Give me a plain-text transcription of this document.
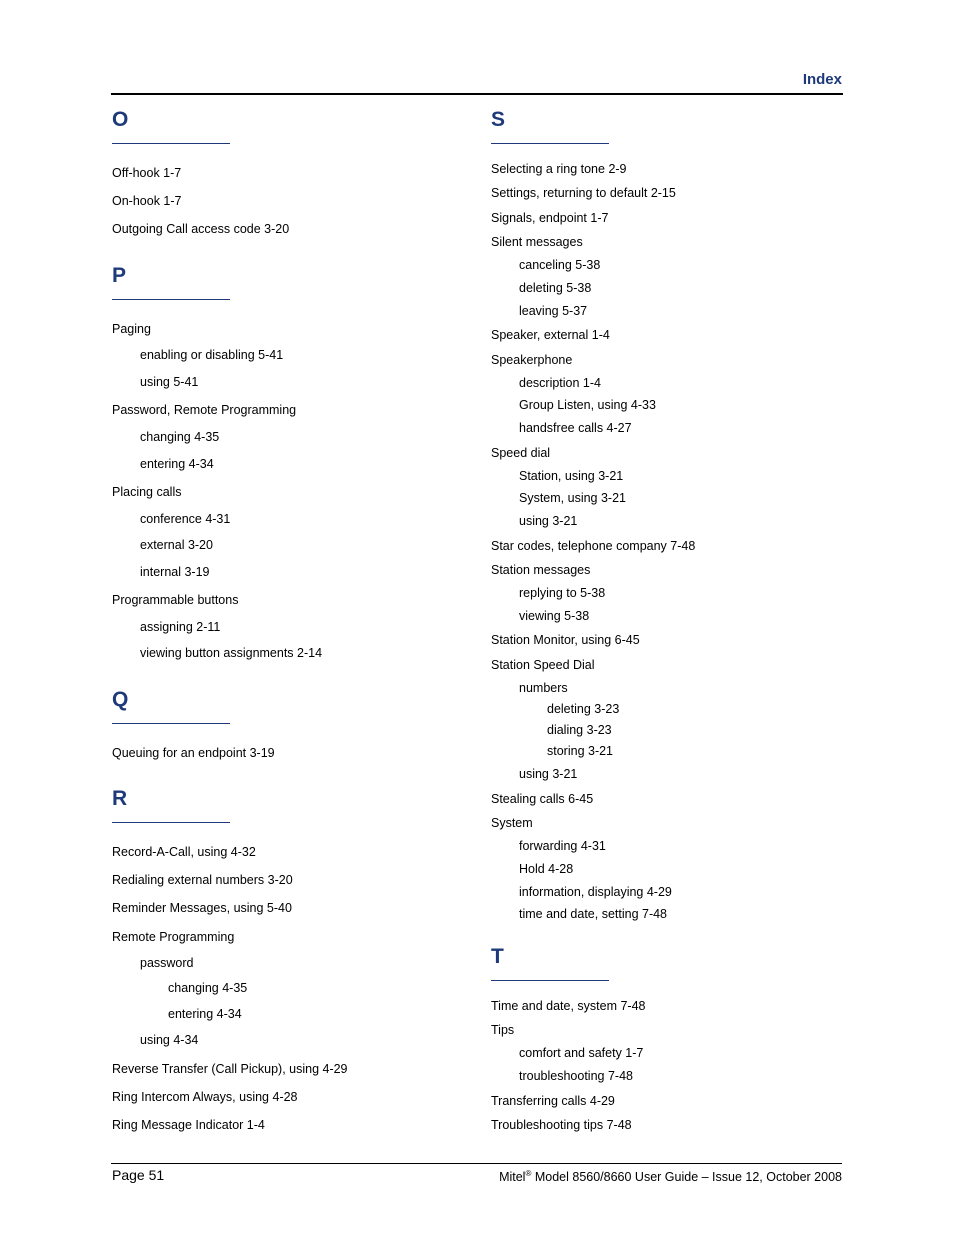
Index
O
Off-hook 1-7
On-hook 1-7
Outgoing Call access code 3-20
P
Paging
enabling or disabling 5-41
using 5-41
Password, Remote Programming
changing 4-35
entering 4-34
Placing calls
conference 4-31
external 3-20
internal 3-19
Programmable buttons
assigning 2-11
viewing button assignments 2-14
Q
Queuing for an endpoint 3-19
R
Record-A-Call, using 4-32
Redialing external numbers 3-20
Reminder Messages, using 5-40
Remote Programming
password
changing 4-35
entering 4-34
using 4-34
Reverse Transfer (Call Pickup), using 4-29
Ring Intercom Always, using 4-28
Ring Message Indicator 1-4
S
Selecting a ring tone 2-9
Settings, returning to default 2-15
Signals, endpoint 1-7
Silent messages
canceling 5-38
deleting 5-38
leaving 5-37
Speaker, external 1-4
Speakerphone
description 1-4
Group Listen, using 4-33
handsfree calls 4-27
Speed dial
Station, using 3-21
System, using 3-21
using 3-21
Star codes, telephone company 7-48
Station messages
replying to 5-38
viewing 5-38
Station Monitor, using 6-45
Station Speed Dial
numbers
deleting 3-23
dialing 3-23
storing 3-21
using 3-21
Stealing calls 6-45
System
forwarding 4-31
Hold 4-28
information, displaying 4-29
time and date, setting 7-48
T
Time and date, system 7-48
Tips
comfort and safety 1-7
troubleshooting 7-48
Transferring calls 4-29
Troubleshooting tips 7-48
Page 51	Mitel® Model 8560/8660 User Guide – Issue 12, October 2008
